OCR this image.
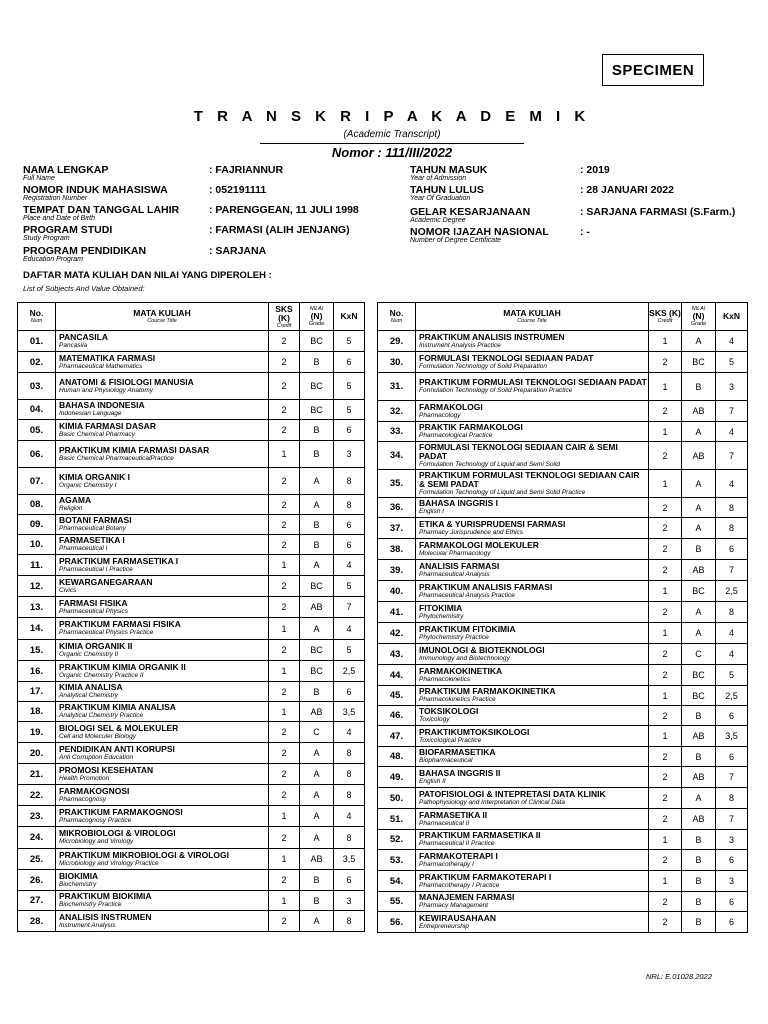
SPECIMEN
T R A N S K R I P A K A D E M I K
(Academic Transcript)
Nomor : 111/III/2022
NAMA LENGKAP
Full Name
: FAJRIANNUR
NOMOR INDUK MAHASISWA
Registration Number
: 052191111
TEMPAT DAN TANGGAL LAHIR
Place and Date of Birth
: PARENGGEAN, 11 JULI 1998
PROGRAM STUDI
Study Program
: FARMASI (ALIH JENJANG)
PROGRAM PENDIDIKAN
Education Program
: SARJANA
TAHUN MASUK
Year of Admission
: 2019
TAHUN LULUS
Year Of Graduation
: 28 JANUARI 2022
GELAR KESARJANAAN
Academic Degree
: SARJANA FARMASI (S.Farm.)
NOMOR IJAZAH NASIONAL
Number of Degree Certificate
: -
DAFTAR MATA KULIAH DAN NILAI YANG DIPEROLEH :
List of Subjects And Value Obtained:
No.
Num	MATA KULIAH
Course Title	SKS (K)
Credit	NILAI
(N)
Grade	KxN

01.	PANCASILA
Pancasila	2	BC	5
02.	MATEMATIKA FARMASI
Pharmaceutical Mathematics	2	B	6
03.	ANATOMI & FISIOLOGI MANUSIA
Human and Physiology Anatomy	2	BC	5
04.	BAHASA INDONESIA
Indonesian Language	2	BC	5
05.	KIMIA FARMASI DASAR
Basic Chemical Pharmacy	2	B	6
06.	PRAKTIKUM KIMIA FARMASI DASAR
Basic Chemical PharmaceuticalPractice	1	B	3
07.	KIMIA ORGANIK I
Organic Chemistry I	2	A	8
08.	AGAMA
Religion	2	A	8
09.	BOTANI FARMASI
Pharmaceutical Botany	2	B	6
10.	FARMASETIKA I
Pharmaceutical I	2	B	6
11.	PRAKTIKUM FARMASETIKA I
Pharmaceutical I Practice	1	A	4
12.	KEWARGANEGARAAN
Civics	2	BC	5
13.	FARMASI FISIKA
Pharmaceutical Physics	2	AB	7
14.	PRAKTIKUM FARMASI FISIKA
Pharmaceutical Physics Practice	1	A	4
15.	KIMIA ORGANIK II
Organic Chemistry II	2	BC	5
16.	PRAKTIKUM KIMIA ORGANIK II
Organic Chemistry Practice II	1	BC	2,5
17.	KIMIA ANALISA
Analytical Chemistry	2	B	6
18.	PRAKTIKUM KIMIA ANALISA
Analytical Chemistry Practice	1	AB	3,5
19.	BIOLOGI SEL & MOLEKULER
Cell and Moleculer Biology	2	C	4
20.	PENDIDIKAN ANTI KORUPSI
Anti Corruption Education	2	A	8
21.	PROMOSI KESEHATAN
Health Promotion	2	A	8
22.	FARMAKOGNOSI
Pharmacognosy	2	A	8
23.	PRAKTIKUM FARMAKOGNOSI
Pharmacognosy Practice	1	A	4
24.	MIKROBIOLOGI & VIROLOGI
Microbiology and Virology	2	A	8
25.	PRAKTIKUM MIKROBIOLOGI & VIROLOGI
Microbiology and Virology Practice	1	AB	3,5
26.	BIOKIMIA
Biochemistry	2	B	6
27.	PRAKTIKUM BIOKIMIA
Biochemistry Practice	1	B	3
28.	ANALISIS INSTRUMEN
Instrument Analysis	2	A	8
No.
Num	MATA KULIAH
Course Title	SKS (K)
Credit	NILAI
(N)
Grade	KxN

29.	PRAKTIKUM ANALISIS INSTRUMEN
Instrument Analysis Practice	1	A	4
30.	FORMULASI TEKNOLOGI SEDIAAN PADAT
Formulation Technology of Solid Preparation	2	BC	5
31.	PRAKTIKUM FORMULASI TEKNOLOGI SEDIAAN PADAT
Formulation Technology of Solid Preparation Practice	1	B	3
32.	FARMAKOLOGI
Pharmacology	2	AB	7
33.	PRAKTIK FARMAKOLOGI
Pharmacological Practice	1	A	4
34.	FORMULASI TEKNOLOGI SEDIAAN CAIR & SEMI PADAT
Formulation Technology of Liquid and Semi Solid	2	AB	7
35.	PRAKTIKUM FORMULASI TEKNOLOGI SEDIAAN CAIR & SEMI PADAT
Formulation Technology of Liquid and Semi Solid Practice	1	A	4
36.	BAHASA INGGRIS I
English I	2	A	8
37.	ETIKA & YURISPRUDENSI FARMASI
Pharmacy Jurisprudence and Ethics	2	A	8
38.	FARMAKOLOGI MOLEKULER
Molecular Pharmacology	2	B	6
39.	ANALISIS FARMASI
Pharmaceutical Analysis	2	AB	7
40.	PRAKTIKUM ANALISIS FARMASI
Pharmaceutical Analysis Practice	1	BC	2,5
41.	FITOKIMIA
Phytochemistry	2	A	8
42.	PRAKTIKUM FITOKIMIA
Phytochemistry Practice	1	A	4
43.	IMUNOLOGI & BIOTEKNOLOGI
Immunology and Biotechnology	2	C	4
44.	FARMAKOKINETIKA
Pharmacokinetics	2	BC	5
45.	PRAKTIKUM FARMAKOKINETIKA
Pharmacokinetics Practice	1	BC	2,5
46.	TOKSIKOLOGI
Toxicology	2	B	6
47.	PRAKTIKUMTOKSIKOLOGI
Toxicological Practice	1	AB	3,5
48.	BIOFARMASETIKA
Biopharmaceutical	2	B	6
49.	BAHASA INGGRIS II
English II	2	AB	7
50.	PATOFISIOLOGI & INTEPRETASI DATA KLINIK
Pathophysiology and Interpretation of Clinical Data	2	A	8
51.	FARMASETIKA II
Pharmaceutical II	2	AB	7
52.	PRAKTIKUM FARMASETIKA II
Pharmaceutical II Practice	1	B	3
53.	FARMAKOTERAPI I
Pharmacotherapy I	2	B	6
54.	PRAKTIKUM FARMAKOTERAPI I
Pharmacotherapy I Practice	1	B	3
55.	MANAJEMEN FARMASI
Pharmacy Management	2	B	6
56.	KEWIRAUSAHAAN
Entrepreneurship	2	B	6
NRL: E.01028.2022
